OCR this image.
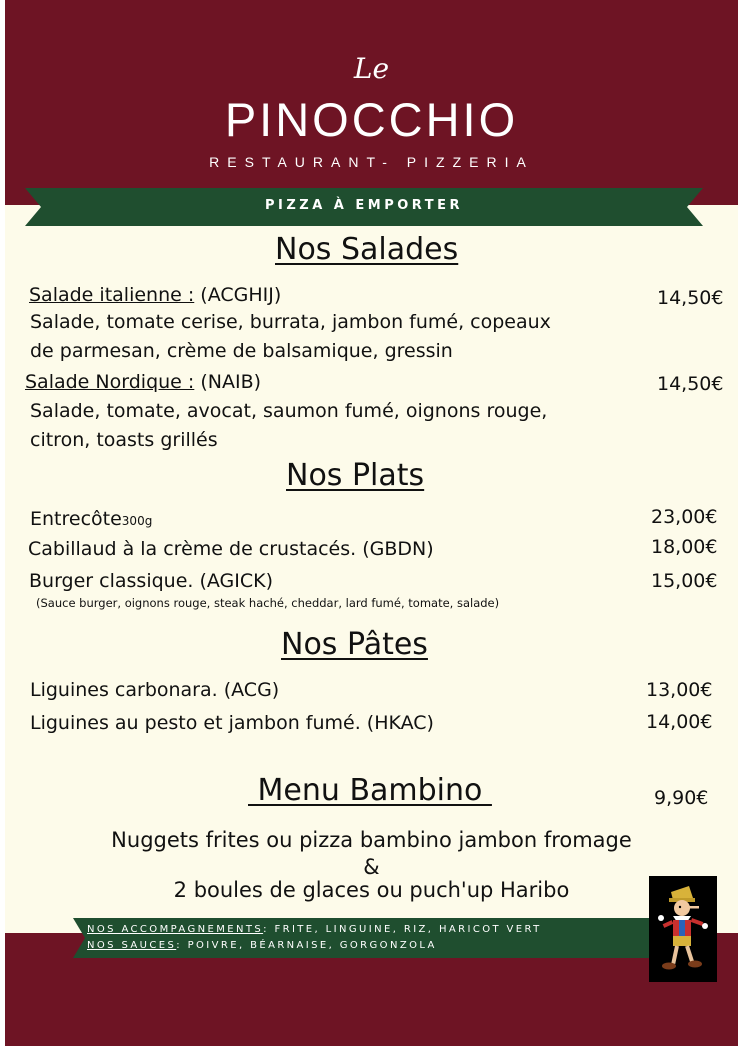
Le
PINOCCHIO
RESTAURANT- PIZZERIA
PIZZA À EMPORTER
Nos Salades
Salade italienne : (ACGHIJ)	14,50€
Salade, tomate cerise, burrata, jambon fumé, copeaux
de parmesan, crème de balsamique, gressin
Salade Nordique : (NAIB)	14,50€
Salade, tomate, avocat, saumon fumé, oignons rouge,
citron, toasts grillés
Nos Plats
Entrecôte300g	23,00€
Cabillaud à la crème de crustacés. (GBDN)	18,00€
Burger classique. (AGICK)	15,00€
(Sauce burger, oignons rouge, steak haché, cheddar, lard fumé, tomate, salade)
Nos Pâtes
Liguines carbonara. (ACG)	13,00€
Liguines au pesto et jambon fumé. (HKAC)	14,00€
Menu Bambino	9,90€
Nuggets frites ou pizza bambino jambon fromage
&
2 boules de glaces ou puch'up Haribo
NOS ACCOMPAGNEMENTS: FRITE, LINGUINE, RIZ, HARICOT VERT
NOS SAUCES: POIVRE, BÉARNAISE, GORGONZOLA
